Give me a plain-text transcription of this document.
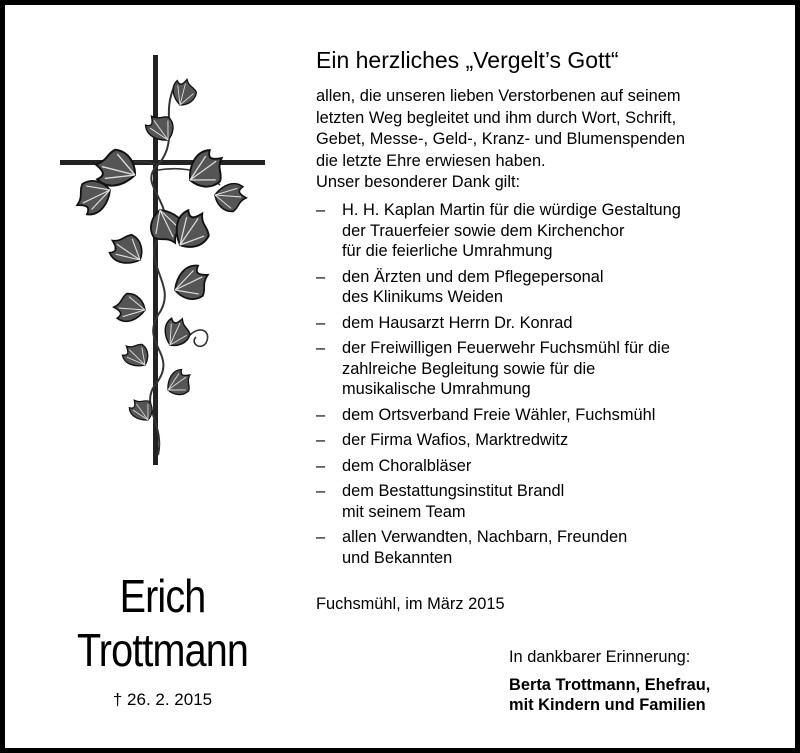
Erich
Trottmann
† 26. 2. 2015
Ein herzliches „Vergelt’s Gott“

allen, die unseren lieben Verstorbenen auf seinem

letzten Weg begleitet und ihm durch Wort, Schrift,

Gebet, Messe-, Geld-, Kranz- und Blumenspenden

die letzte Ehre erwiesen haben.

Unser besonderer Dank gilt:

– H. H. Kaplan Martin für die würdige Gestaltung
der Trauerfeier sowie dem Kirchenchor
für die feierliche Umrahmung
– den Ärzten und dem Pflegepersonal
des Klinikums Weiden
– dem Hausarzt Herrn Dr. Konrad
– der Freiwilligen Feuerwehr Fuchsmühl für die
zahlreiche Begleitung sowie für die
musikalische Umrahmung
– dem Ortsverband Freie Wähler, Fuchsmühl
– der Firma Wafios, Marktredwitz
– dem Choralbläser
– dem Bestattungsinstitut Brandl
mit seinem Team
– allen Verwandten, Nachbarn, Freunden
und Bekannten
Fuchsmühl, im März 2015
In dankbarer Erinnerung:
Berta Trottmann, Ehefrau,
mit Kindern und Familien
